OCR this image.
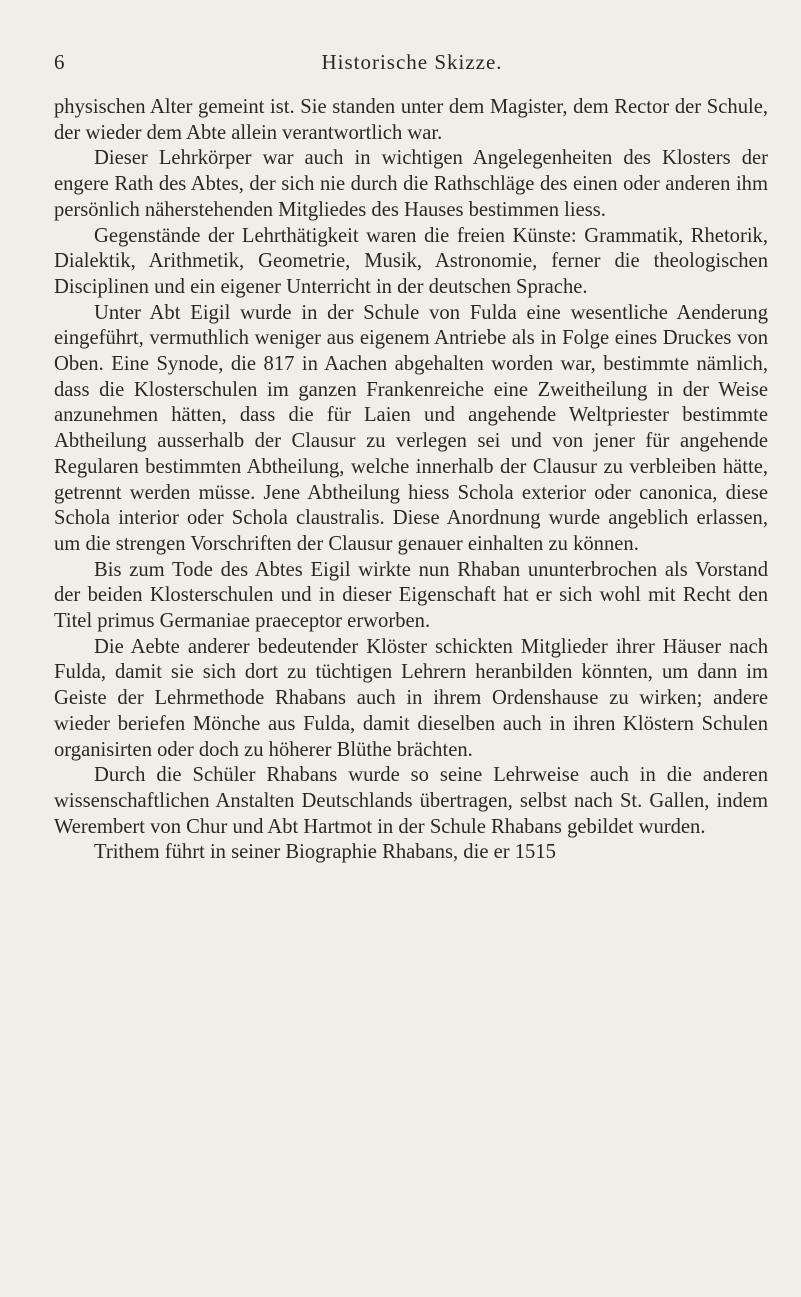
6	Historische Skizze.

physischen Alter gemeint ist. Sie standen unter dem Magister, dem Rector der Schule, der wieder dem Abte allein verantwortlich war.

Dieser Lehrkörper war auch in wichtigen Angelegenheiten des Klosters der engere Rath des Abtes, der sich nie durch die Rathschläge des einen oder anderen ihm persönlich näherstehenden Mitgliedes des Hauses bestimmen liess.

Gegenstände der Lehrthätigkeit waren die freien Künste: Grammatik, Rhetorik, Dialektik, Arithmetik, Geometrie, Musik, Astronomie, ferner die theologischen Disciplinen und ein eigener Unterricht in der deutschen Sprache.

Unter Abt Eigil wurde in der Schule von Fulda eine wesentliche Aenderung eingeführt, vermuthlich weniger aus eigenem Antriebe als in Folge eines Druckes von Oben. Eine Synode, die 817 in Aachen abgehalten worden war, bestimmte nämlich, dass die Klosterschulen im ganzen Frankenreiche eine Zweitheilung in der Weise anzunehmen hätten, dass die für Laien und angehende Weltpriester bestimmte Abtheilung ausserhalb der Clausur zu verlegen sei und von jener für angehende Regularen bestimmten Abtheilung, welche innerhalb der Clausur zu verbleiben hätte, getrennt werden müsse. Jene Abtheilung hiess Schola exterior oder canonica, diese Schola interior oder Schola claustralis. Diese Anordnung wurde angeblich erlassen, um die strengen Vorschriften der Clausur genauer einhalten zu können.

Bis zum Tode des Abtes Eigil wirkte nun Rhaban ununterbrochen als Vorstand der beiden Klosterschulen und in dieser Eigenschaft hat er sich wohl mit Recht den Titel primus Germaniae praeceptor erworben.

Die Aebte anderer bedeutender Klöster schickten Mitglieder ihrer Häuser nach Fulda, damit sie sich dort zu tüchtigen Lehrern heranbilden könnten, um dann im Geiste der Lehrmethode Rhabans auch in ihrem Ordenshause zu wirken; andere wieder beriefen Mönche aus Fulda, damit dieselben auch in ihren Klöstern Schulen organisirten oder doch zu höherer Blüthe brächten.

Durch die Schüler Rhabans wurde so seine Lehrweise auch in die anderen wissenschaftlichen Anstalten Deutschlands übertragen, selbst nach St. Gallen, indem Werembert von Chur und Abt Hartmot in der Schule Rhabans gebildet wurden.

Trithem führt in seiner Biographie Rhabans, die er 1515
